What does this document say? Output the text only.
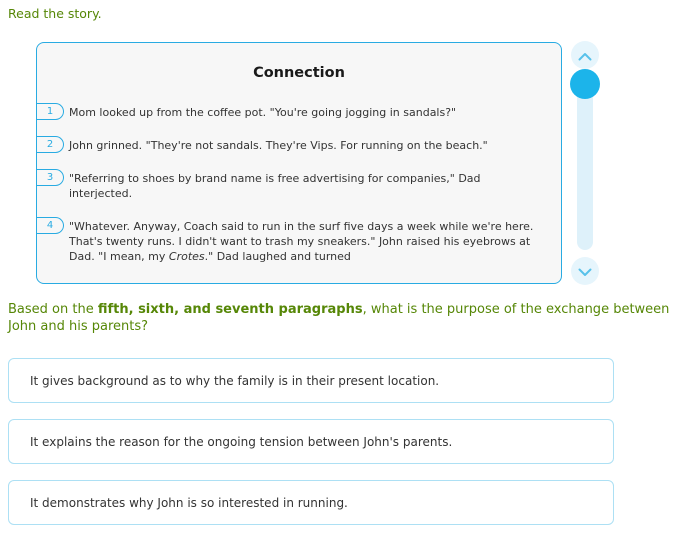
Read the story.
Connection
1	Mom looked up from the coffee pot. "You're going jogging in sandals?"
2	John grinned. "They're not sandals. They're Vips. For running on the beach."
3	"Referring to shoes by brand name is free advertising for companies," Dad interjected.
4	"Whatever. Anyway, Coach said to run in the surf five days a week while we're here. That's twenty runs. I didn't want to trash my sneakers." John raised his eyebrows at Dad. "I mean, my Crotes." Dad laughed and turned
Based on the fifth, sixth, and seventh paragraphs, what is the purpose of the exchange between John and his parents?
It gives background as to why the family is in their present location.
It explains the reason for the ongoing tension between John's parents.
It demonstrates why John is so interested in running.
